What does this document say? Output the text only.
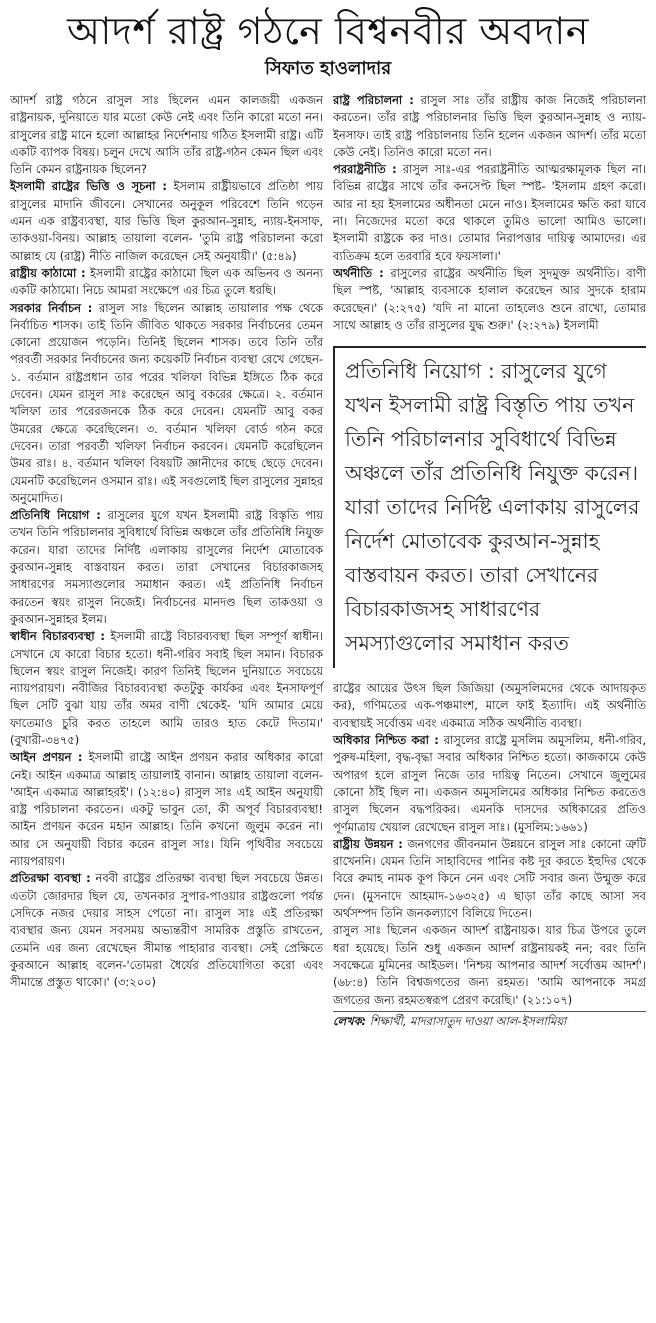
আদর্শ রাষ্ট্র গঠনে বিশ্বনবীর অবদান
সিফাত হাওলাদার

আদর্শ রাষ্ট্র গঠনে রাসুল সাঃ ছিলেন এমন কালজয়ী একজন রাষ্ট্রনায়ক, দুনিয়াতে যার মতো কেউ নেই এবং তিনি কারো মতো নন। রাসুলের রাষ্ট্র মানে হলো আল্লাহর নির্দেশনায় গঠিত ইসলামী রাষ্ট্র। এটি একটি ব্যাপক বিষয়। চলুন দেখে আসি তাঁর রাষ্ট্র-গঠন কেমন ছিল এবং তিনি কেমন রাষ্ট্রনায়ক ছিলেন?

ইসলামী রাষ্ট্রের ভিত্তি ও সূচনা : ইসলাম রাষ্ট্রীয়ভাবে প্রতিষ্ঠা পায় রাসুলের মাদানি জীবনে। সেখানের অনুকূল পরিবেশে তিনি গড়েন এমন এক রাষ্ট্রব্যবস্থা, যার ভিত্তি ছিল কুরআন-সুন্নাহ, ন্যায়-ইনসাফ, তাকওয়া-বিনয়। আল্লাহ তায়ালা বলেন- 'তুমি রাষ্ট্র পরিচালনা করো আল্লাহ যে (রাষ্ট্র) নীতি নাজিল করেছেন সেই অনুযায়ী।' (৫:৪৯)

রাষ্ট্রীয় কাঠামো : ইসলামী রাষ্ট্রের কাঠামো ছিল এক অভিনব ও অনন্য একটি কাঠামো। নিচে আমরা সংক্ষেপে এর চিত্র তুলে ধরছি।

সরকার নির্বাচন : রাসুল সাঃ ছিলেন আল্লাহ তায়ালার পক্ষ থেকে নির্বাচিত শাসক। তাই তিনি জীবিত থাকতে সরকার নির্বাচনের তেমন কোনো প্রয়োজন পড়েনি। তিনিই ছিলেন শাসক। তবে তিনি তাঁর পরবর্তী সরকার নির্বাচনের জন্য কয়েকটি নির্বাচন ব্যবস্থা রেখে গেছেন- ১. বর্তমান রাষ্ট্রপ্রধান তার পরের খলিফা বিভিন্ন ইঙ্গিতে ঠিক করে দেবেন। যেমন রাসুল সাঃ করেছেন আবু বকরের ক্ষেত্রে। ২. বর্তমান খলিফা তার পরেরজনকে ঠিক করে দেবেন। যেমনটি আবু বকর উমরের ক্ষেত্রে করেছিলেন। ৩. বর্তমান খলিফা বোর্ড গঠন করে দেবেন। তারা পরবর্তী খলিফা নির্বাচন করবেন। যেমনটি করেছিলেন উমর রাঃ। ৪. বর্তমান খলিফা বিষয়টি জ্ঞানীদের কাছে ছেড়ে দেবেন। যেমনটি করেছিলেন ওসমান রাঃ। এই সবগুলোই ছিল রাসুলের সুন্নাহর অনুমোদিত।

প্রতিনিধি নিয়োগ : রাসুলের যুগে যখন ইসলামী রাষ্ট্র বিস্তৃতি পায় তখন তিনি পরিচালনার সুবিধার্থে বিভিন্ন অঞ্চলে তাঁর প্রতিনিধি নিযুক্ত করেন। যারা তাদের নির্দিষ্ট এলাকায় রাসুলের নির্দেশ মোতাবেক কুরআন-সুন্নাহ বাস্তবায়ন করত। তারা সেখানের বিচারকাজসহ সাধারণের সমস্যাগুলোর সমাধান করত। এই প্রতিনিধি নির্বাচন করতেন স্বয়ং রাসুল নিজেই। নির্বাচনের মানদণ্ড ছিল তাকওয়া ও কুরআন-সুন্নাহর ইলম।

স্বাধীন বিচারব্যবস্থা : ইসলামী রাষ্ট্রে বিচারব্যবস্থা ছিল সম্পূর্ণ স্বাধীন। সেখানে যে কারো বিচার হতো। ধনী-গরিব সবাই ছিল সমান। বিচারক ছিলেন স্বয়ং রাসুল নিজেই। কারণ তিনিই ছিলেন দুনিয়াতে সবচেয়ে ন্যায়পরায়ণ। নবীজির বিচারব্যবস্থা কতটুকু কার্যকর এবং ইনসাফপূর্ণ ছিল সেটি বুঝা যায় তাঁর অমর বাণী থেকেই- 'যদি আমার মেয়ে ফাতেমাও চুরি করত তাহলে আমি তারও হাত কেটে দিতাম।' (বুখারী-৩৪৭৫)

আইন প্রণয়ন : ইসলামী রাষ্ট্রে আইন প্রণয়ন করার অধিকার কারো নেই। আইন একমাত্র আল্লাহ তায়ালাই বানান। আল্লাহ তায়ালা বলেন-'আইন একমাত্র আল্লাহরই'। (১২:৪০) রাসুল সাঃ এই আইন অনুযায়ী রাষ্ট্র পরিচালনা করতেন। একটু ভাবুন তো, কী অপূর্ব বিচারব্যবস্থা! আইন প্রণয়ন করেন মহান আল্লাহ। তিনি কখনো জুলুম করেন না। আর সে অনুযায়ী বিচার করেন রাসুল সাঃ। যিনি পৃথিবীর সবচেয়ে ন্যায়পরায়ণ।

প্রতিরক্ষা ব্যবস্থা : নববী রাষ্ট্রের প্রতিরক্ষা ব্যবস্থা ছিল সবচেয়ে উন্নত। এতটা জোরদার ছিল যে, তখনকার সুপার-পাওয়ার রাষ্ট্রগুলো পর্যন্ত সেদিকে নজর দেয়ার সাহস পেতো না। রাসুল সাঃ এই প্রতিরক্ষা ব্যবস্থার জন্য যেমন সবসময় অভ্যন্তরীণ সামরিক প্রস্তুতি রাখতেন, তেমনি এর জন্য রেখেছেন সীমান্ত পাহারার ব্যবস্থা। সেই প্রেক্ষিতে কুরআনে আল্লাহ বলেন-'তোমরা ধৈর্যের প্রতিযোগিতা করো এবং সীমান্তে প্রস্তুত থাকো।' (৩:২০০)

রাষ্ট্র পরিচালনা : রাসুল সাঃ তাঁর রাষ্ট্রীয় কাজ নিজেই পরিচালনা করতেন। তাঁর রাষ্ট্র পরিচালনার ভিত্তি ছিল কুরআন-সুন্নাহ ও ন্যায়-ইনসাফ। তাই রাষ্ট্র পরিচালনায় তিনি হলেন একজন আদর্শ। তাঁর মতো কেউ নেই। তিনিও কারো মতো নন।

পররাষ্ট্রনীতি : রাসুল সাঃ-এর পররাষ্ট্রনীতি আত্মরক্ষামূলক ছিল না। বিভিন্ন রাষ্ট্রের সাথে তাঁর কনসেপ্ট ছিল স্পষ্ট- 'ইসলাম গ্রহণ করো। আর না হয় ইসলামের অধীনতা মেনে নাও। ইসলামের ক্ষতি করা যাবে না। নিজেদের মতো করে থাকলে তুমিও ভালো আমিও ভালো। ইসলামী রাষ্ট্রকে কর দাও। তোমার নিরাপত্তার দায়িত্ব আমাদের। এর ব্যতিক্রম হলে তরবারি হবে ফয়সালা।'

অর্থনীতি : রাসুলের রাষ্ট্রের অর্থনীতি ছিল সুদমুক্ত অর্থনীতি। বাণী ছিল স্পষ্ট, 'আল্লাহ ব্যবসাকে হালাল করেছেন আর সুদকে হারাম করেছেন।' (২:২৭৫) 'যদি না মানো তাহলেও শুনে রাখো, তোমার সাথে আল্লাহ ও তাঁর রাসুলের যুদ্ধ শুরু।' (২:২৭৯) ইসলামী

প্রতিনিধি নিয়োগ : রাসুলের যুগে যখন ইসলামী রাষ্ট্র বিস্তৃতি পায় তখন তিনি পরিচালনার সুবিধার্থে বিভিন্ন অঞ্চলে তাঁর প্রতিনিধি নিযুক্ত করেন। যারা তাদের নির্দিষ্ট এলাকায় রাসুলের নির্দেশ মোতাবেক কুরআন-সুন্নাহ বাস্তবায়ন করত। তারা সেখানের বিচারকাজসহ সাধারণের সমস্যাগুলোর সমাধান করত

রাষ্ট্রের আয়ের উৎস ছিল জিজিয়া (অমুসলিমদের থেকে আদায়কৃত কর), গণিমতের এক-পঞ্চমাংশ, মালে ফাই ইত্যাদি। এই অর্থনীতি ব্যবস্থায়ই সর্বোত্তম এবং একমাত্র সঠিক অর্থনীতি ব্যবস্থা।

অধিকার নিশ্চিত করা : রাসুলের রাষ্ট্রে মুসলিম অমুসলিম, ধনী-গরিব, পুরুষ-মহিলা, বৃদ্ধ-বৃদ্ধা সবার অধিকার নিশ্চিত হতো। কাজকামে কেউ অপারগ হলে রাসুল নিজে তার দায়িত্ব নিতেন। সেখানে জুলুমের কোনো ঠাঁই ছিল না। একজন অমুসলিমের অধিকার নিশ্চিত করতেও রাসুল ছিলেন বদ্ধপরিকর। এমনকি দাসদের অধিকারের প্রতিও পূর্ণমাত্রায় খেয়াল রেখেছেন রাসুল সাঃ। (মুসলিম:১৬৬১)

রাষ্ট্রীয় উন্নয়ন : জনগণের জীবনমান উন্নয়নে রাসুল সাঃ কোনো ত্রুটি রাখেননি। যেমন তিনি সাহাবিদের পানির কষ্ট দূর করতে ইহুদির থেকে বিরে রুমাহ নামক কূপ কিনে নেন এবং সেটি সবার জন্য উন্মুক্ত করে দেন। (মুসনাদে আহমাদ-১৬৩২৫) এ ছাড়া তাঁর কাছে আসা সব অর্থসম্পদ তিনি জনকল্যাণে বিলিয়ে দিতেন।

রাসুল সাঃ ছিলেন একজন আদর্শ রাষ্ট্রনায়ক। যার চিত্র উপরে তুলে ধরা হয়েছে। তিনি শুধু একজন আদর্শ রাষ্ট্রনায়কই নন; বরং তিনি সবক্ষেত্রে মুমিনের আইডল। 'নিশ্চয় আপনার আদর্শ সর্বোত্তম আদর্শ'। (৬৮:৪) তিনি বিশ্বজগতের জন্য রহমত। 'আমি আপনাকে সমগ্র জগতের জন্য রহমতস্বরূপ প্রেরণ করেছি।' (২১:১০৭)

লেখক: শিক্ষার্থী, মাদরাসাতুদ দাওয়া আল-ইসলামিয়া
